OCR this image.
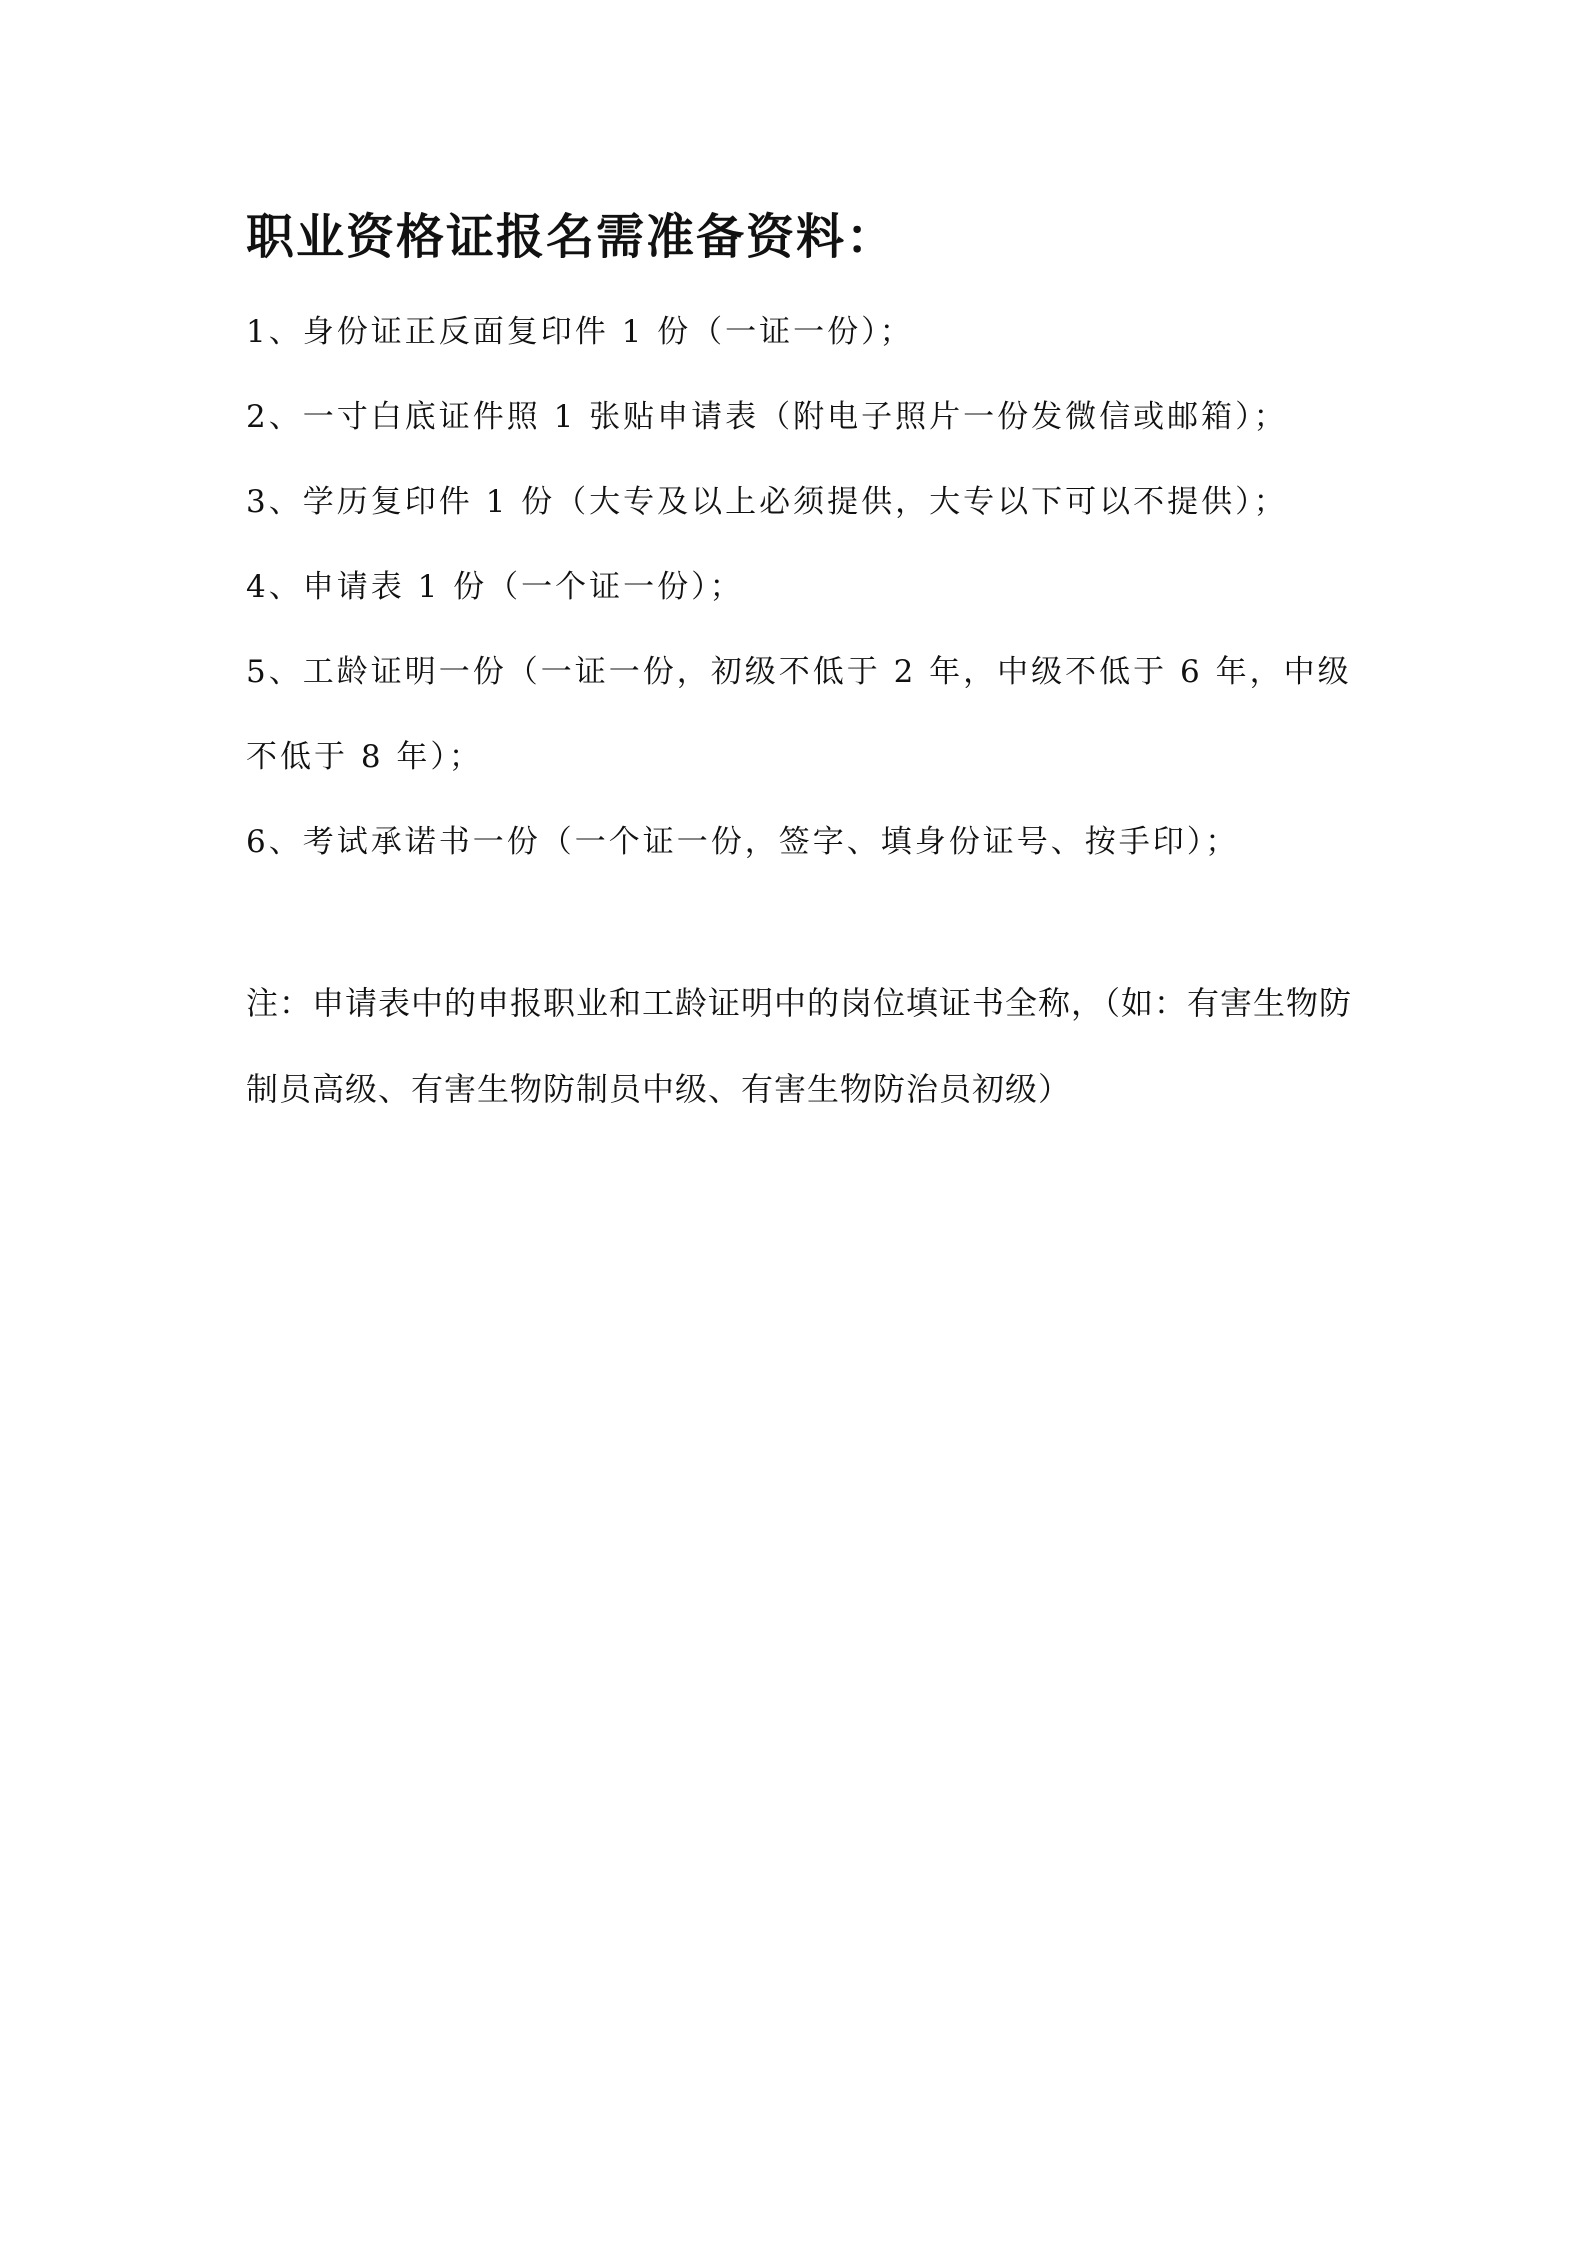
职业资格证报名需准备资料：
1、身份证正反面复印件 1 份（一证一份）；
2、一寸白底证件照 1 张贴申请表（附电子照片一份发微信或邮箱）；
3、学历复印件 1 份（大专及以上必须提供，大专以下可以不提供）；
4、申请表 1 份（一个证一份）；
5、工龄证明一份（一证一份，初级不低于 2 年，中级不低于 6 年，中级不低于 8 年）；
6、考试承诺书一份（一个证一份，签字、填身份证号、按手印）；

注：申请表中的申报职业和工龄证明中的岗位填证书全称，（如：有害生物防制员高级、有害生物防制员中级、有害生物防治员初级）
